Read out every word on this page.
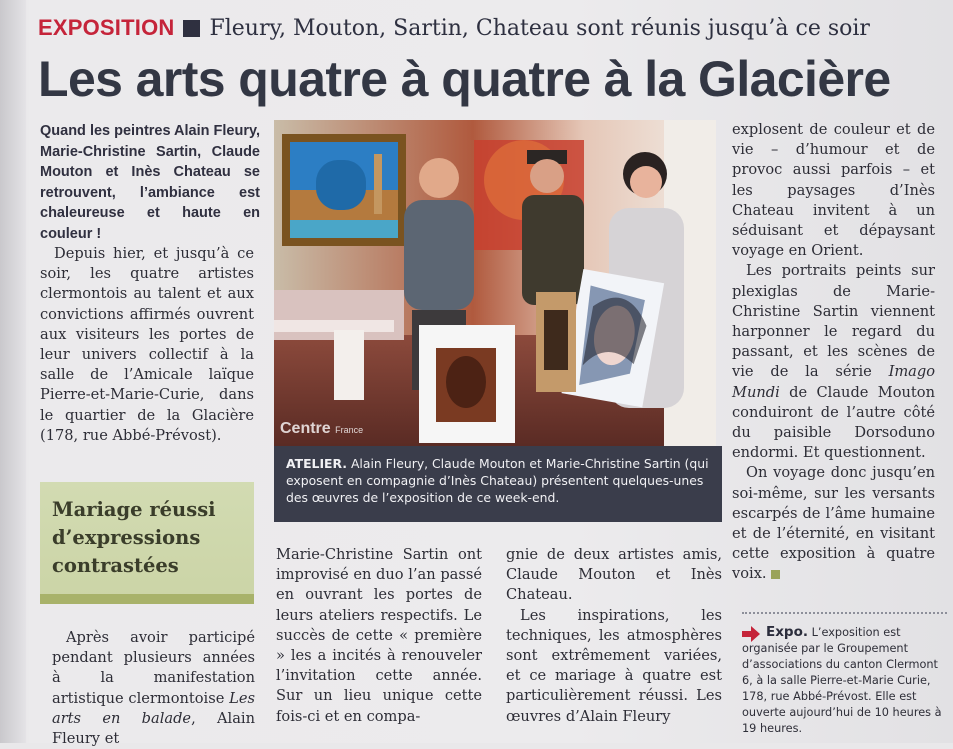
EXPOSITION Fleury, Mouton, Sartin, Chateau sont réunis jusqu’à ce soir
Les arts quatre à quatre à la Glacière
Quand les peintres Alain Fleury, Marie-Christine Sartin, Claude Mouton et Inès Chateau se retrouvent, l’ambiance est chaleureuse et haute en couleur !

Depuis hier, et jusqu’à ce soir, les quatre artistes clermontois au talent et aux convictions affirmés ouvrent aux visiteurs les portes de leur univers collectif à la salle de l’Amicale laïque Pierre-et-Marie-Curie, dans le quartier de la Glacière (178, rue Abbé-Prévost).

Mariage réussi d’expressions contrastées

Après avoir participé pendant plusieurs années à la manifestation artistique clermontoise Les arts en balade, Alain Fleury et

Centre France
ATELIER. Alain Fleury, Claude Mouton et Marie-Christine Sartin (qui exposent en compagnie d’Inès Chateau) présentent quelques-unes des œuvres de l’exposition de ce week-end.

Marie-Christine Sartin ont improvisé en duo l’an passé en ouvrant les portes de leurs ateliers respectifs. Le succès de cette « première » les a incités à renouveler l’invitation cette année. Sur un lieu unique cette fois-ci et en compa-

gnie de deux artistes amis, Claude Mouton et Inès Chateau.

Les inspirations, les techniques, les atmosphères sont extrêmement variées, et ce mariage à quatre est particulièrement réussi. Les œuvres d’Alain Fleury

explosent de couleur et de vie – d’humour et de provoc aussi parfois – et les paysages d’Inès Chateau invitent à un séduisant et dépaysant voyage en Orient.

Les portraits peints sur plexiglas de Marie-Christine Sartin viennent harponner le regard du passant, et les scènes de vie de la série Imago Mundi de Claude Mouton conduiront de l’autre côté du paisible Dorsoduno endormi. Et questionnent.

On voyage donc jusqu’en soi-même, sur les versants escarpés de l’âme humaine et de l’éternité, en visitant cette exposition à quatre voix.

Expo. L’exposition est organisée par le Groupement d’associations du canton Clermont 6, à la salle Pierre-et-Marie Curie, 178, rue Abbé-Prévost. Elle est ouverte aujourd’hui de 10 heures à 19 heures.
